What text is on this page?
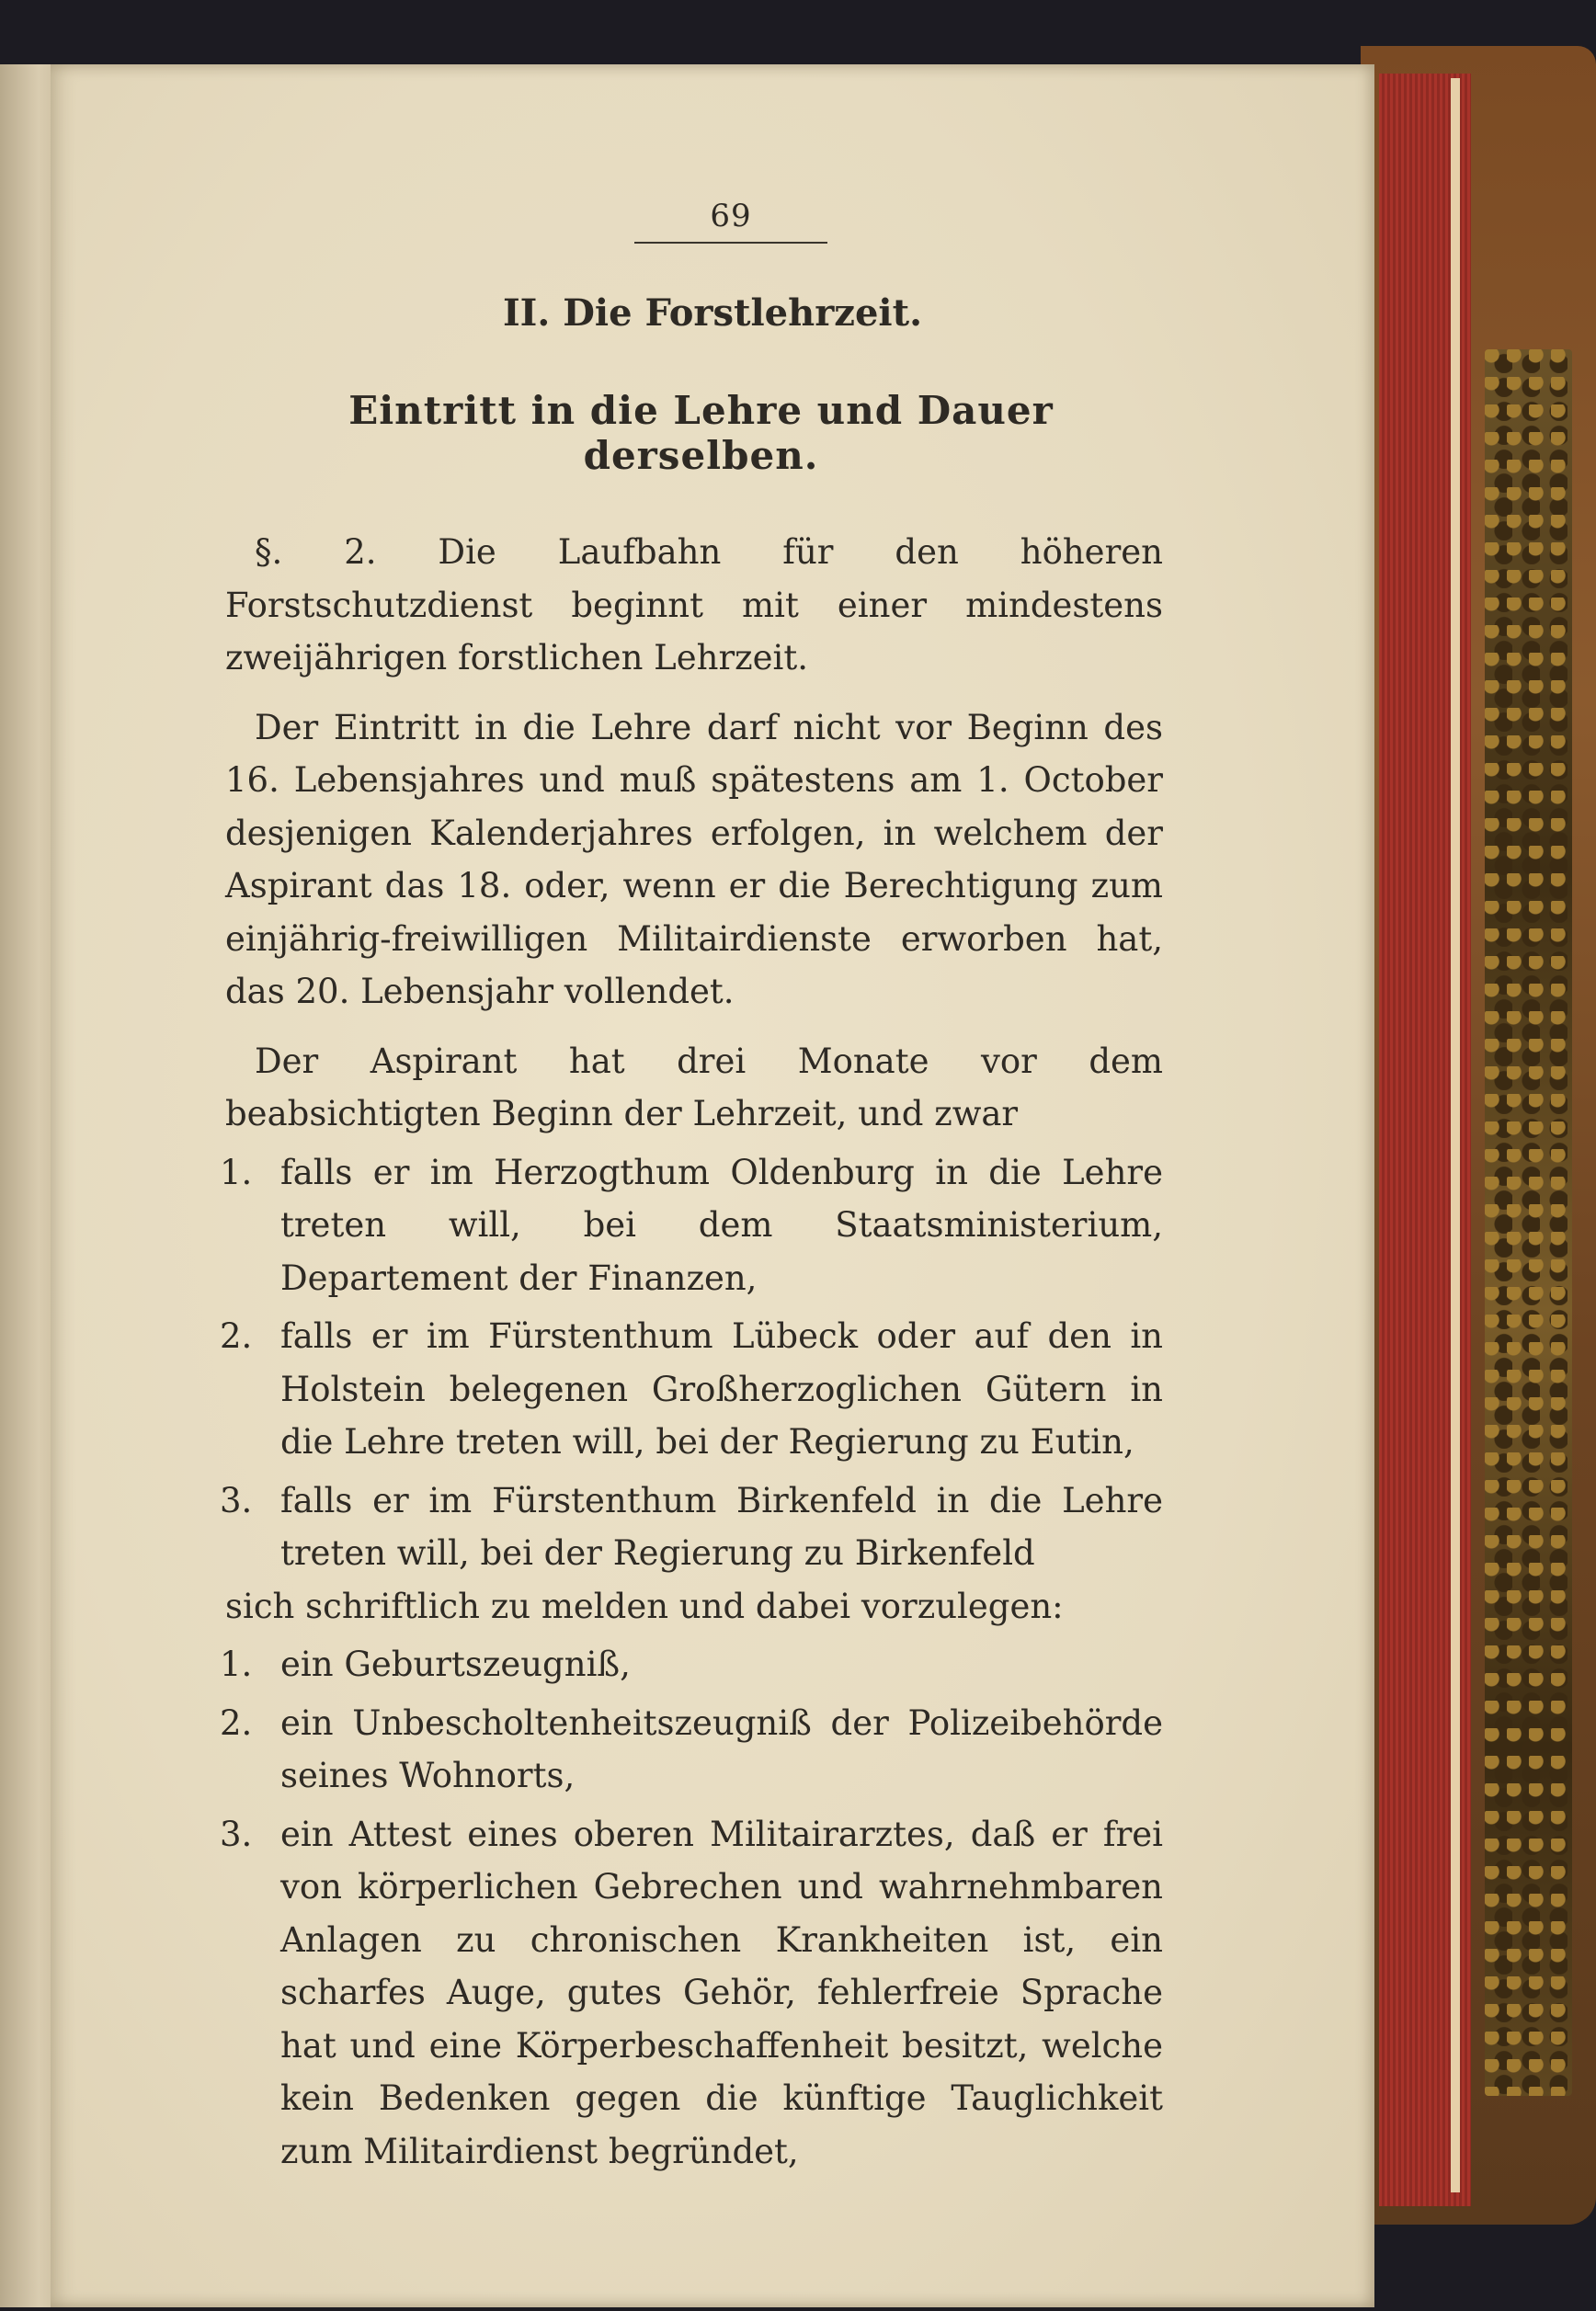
69
II. Die Forstlehrzeit.
Eintritt in die Lehre und Dauer derselben.

§. 2. Die Laufbahn für den höheren Forstschutzdienst beginnt mit einer mindestens zweijährigen forstlichen Lehrzeit.

Der Eintritt in die Lehre darf nicht vor Beginn des 16. Lebensjahres und muß spätestens am 1. October desjenigen Kalenderjahres erfolgen, in welchem der Aspirant das 18. oder, wenn er die Berechtigung zum einjährig-freiwilligen Militairdienste erworben hat, das 20. Lebensjahr vollendet.

Der Aspirant hat drei Monate vor dem beabsichtigten Beginn der Lehrzeit, und zwar

1. falls er im Herzogthum Oldenburg in die Lehre treten will, bei dem Staatsministerium, Departement der Finanzen,
2. falls er im Fürstenthum Lübeck oder auf den in Holstein belegenen Großherzoglichen Gütern in die Lehre treten will, bei der Regierung zu Eutin,
3. falls er im Fürstenthum Birkenfeld in die Lehre treten will, bei der Regierung zu Birkenfeld

sich schriftlich zu melden und dabei vorzulegen:

1. ein Geburtszeugniß,
2. ein Unbescholtenheitszeugniß der Polizeibehörde seines Wohnorts,
3. ein Attest eines oberen Militairarztes, daß er frei von körperlichen Gebrechen und wahrnehmbaren Anlagen zu chronischen Krankheiten ist, ein scharfes Auge, gutes Gehör, fehlerfreie Sprache hat und eine Körperbeschaffenheit besitzt, welche kein Bedenken gegen die künftige Tauglichkeit zum Militairdienst begründet,
